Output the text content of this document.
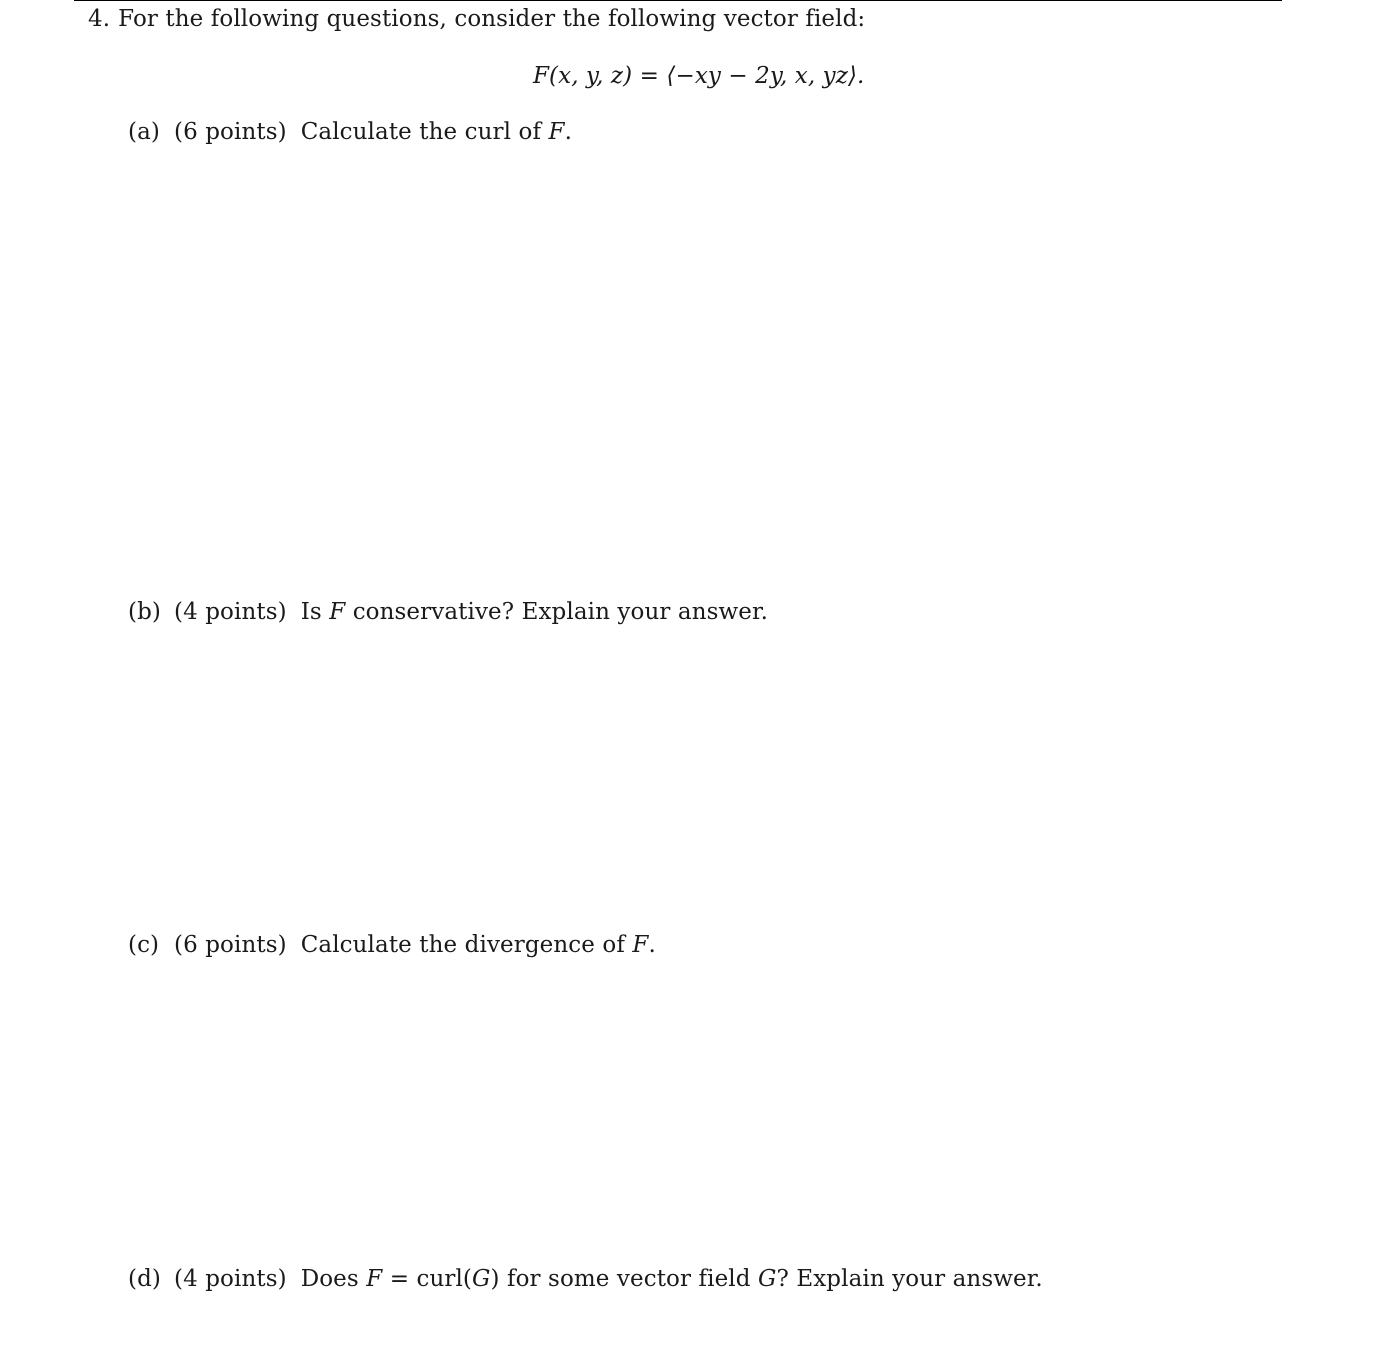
4. For the following questions, consider the following vector field:
F(x, y, z) = ⟨−xy − 2y, x, yz⟩.
(a) (6 points) Calculate the curl of F.
(b) (4 points) Is F conservative? Explain your answer.
(c) (6 points) Calculate the divergence of F.
(d) (4 points) Does F = curl(G) for some vector field G? Explain your answer.
